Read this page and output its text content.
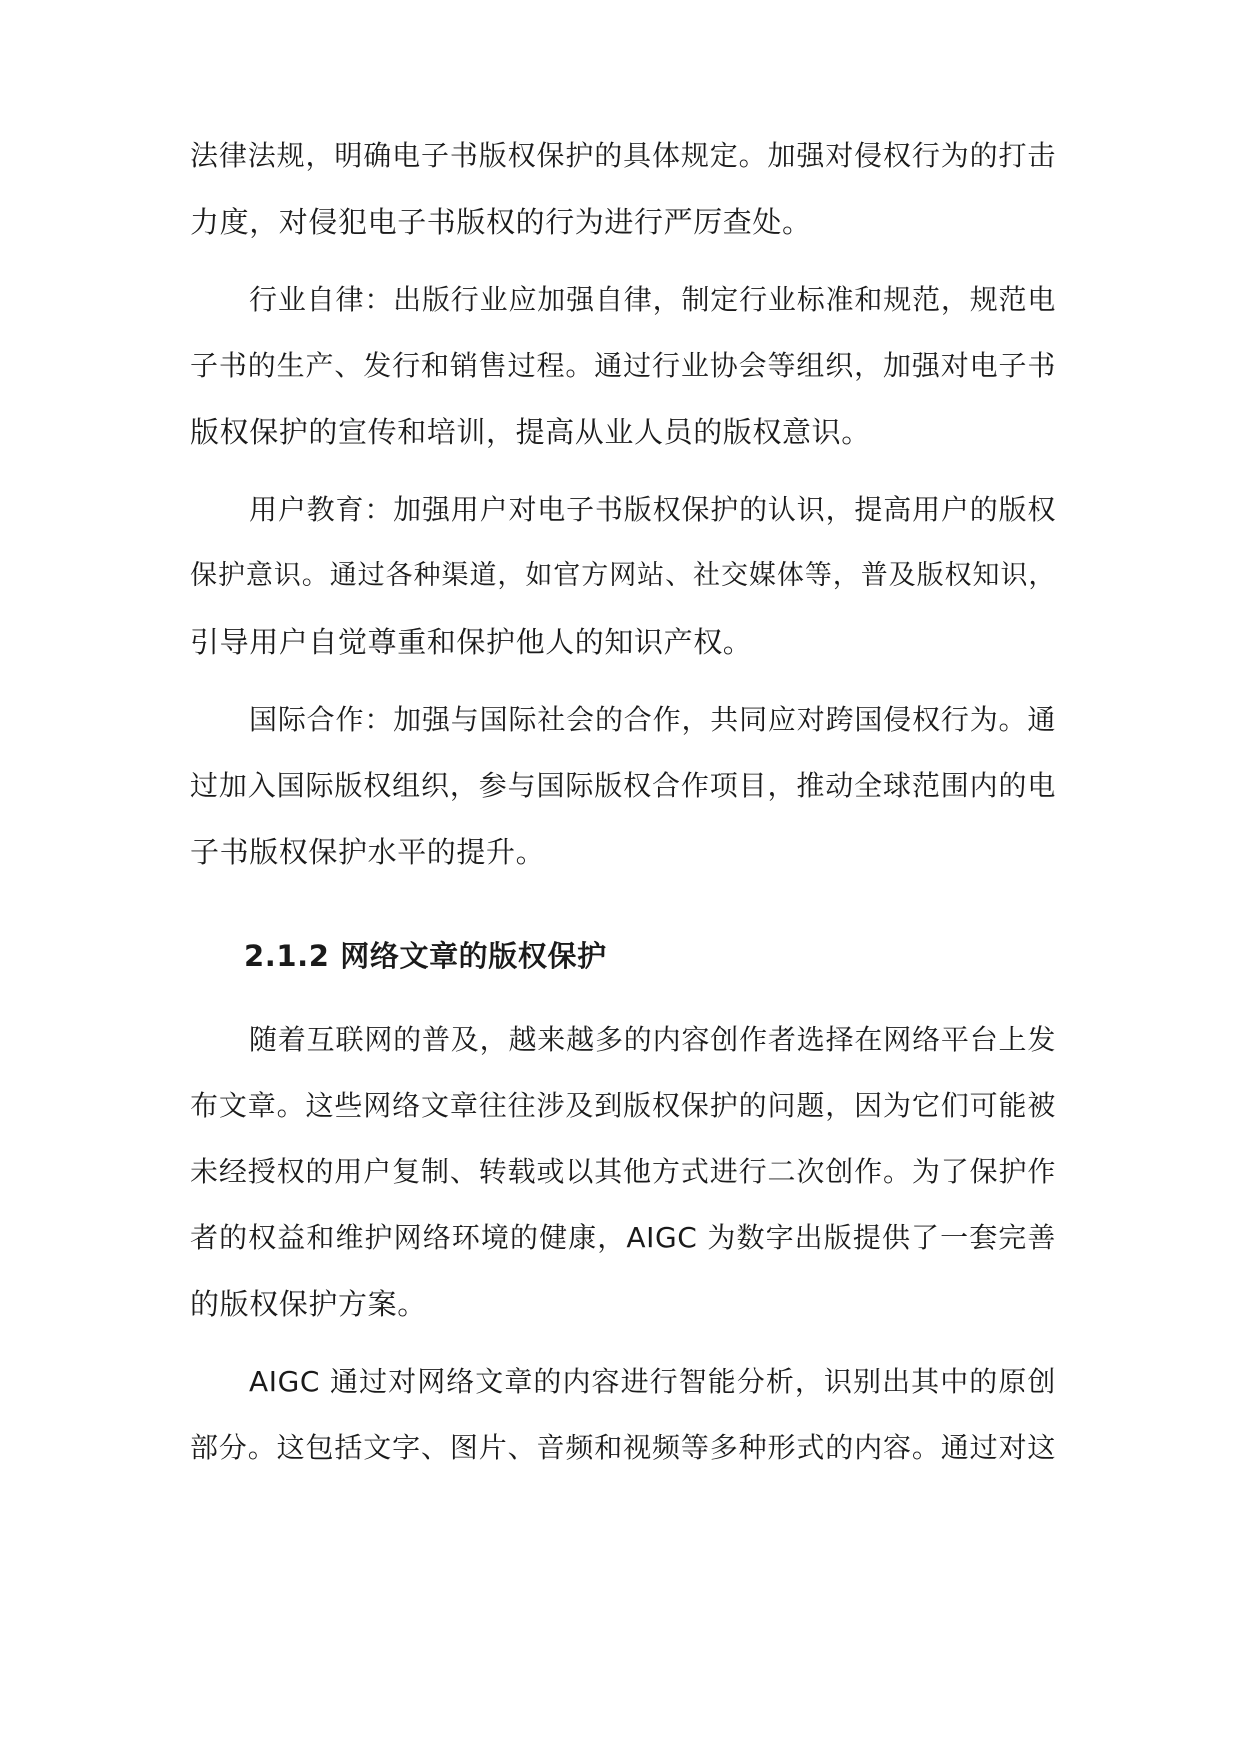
法律法规，明确电子书版权保护的具体规定。加强对侵权行为的打击
力度，对侵犯电子书版权的行为进行严厉查处。
行业自律：出版行业应加强自律，制定行业标准和规范，规范电
子书的生产、发行和销售过程。通过行业协会等组织，加强对电子书
版权保护的宣传和培训，提高从业人员的版权意识。
用户教育：加强用户对电子书版权保护的认识，提高用户的版权
保护意识。通过各种渠道，如官方网站、社交媒体等，普及版权知识，
引导用户自觉尊重和保护他人的知识产权。
国际合作：加强与国际社会的合作，共同应对跨国侵权行为。通
过加入国际版权组织，参与国际版权合作项目，推动全球范围内的电
子书版权保护水平的提升。
2.1.2 网络文章的版权保护
随着互联网的普及，越来越多的内容创作者选择在网络平台上发
布文章。这些网络文章往往涉及到版权保护的问题，因为它们可能被
未经授权的用户复制、转载或以其他方式进行二次创作。为了保护作
者的权益和维护网络环境的健康，AIGC 为数字出版提供了一套完善
的版权保护方案。
AIGC 通过对网络文章的内容进行智能分析，识别出其中的原创
部分。这包括文字、图片、音频和视频等多种形式的内容。通过对这
